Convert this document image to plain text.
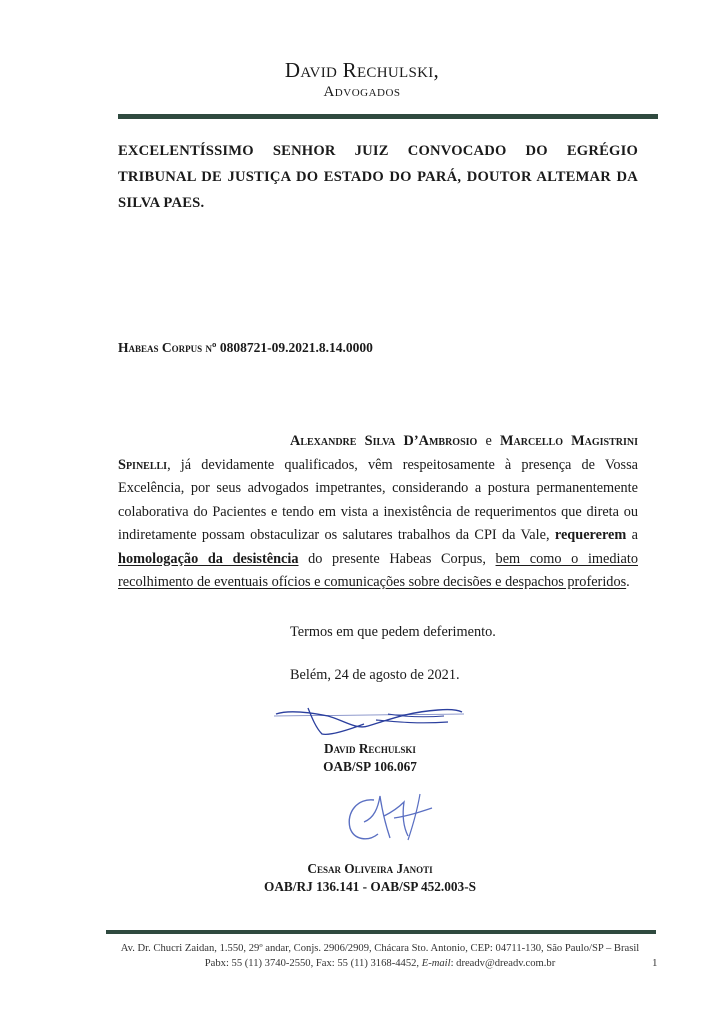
David Rechulski,
Advogados
EXCELENTÍSSIMO SENHOR JUIZ CONVOCADO DO EGRÉGIO TRIBUNAL DE JUSTIÇA DO ESTADO DO PARÁ, DOUTOR ALTEMAR DA SILVA PAES.
Habeas Corpus nº 0808721-09.2021.8.14.0000

Alexandre Silva D’Ambrosio e Marcello Magistrini Spinelli, já devidamente qualificados, vêm respeitosamente à presença de Vossa Excelência, por seus advogados impetrantes, considerando a postura permanentemente colaborativa do Pacientes e tendo em vista a inexistência de requerimentos que direta ou indiretamente possam obstaculizar os salutares trabalhos da CPI da Vale, requererem a homologação da desistência do presente Habeas Corpus, bem como o imediato recolhimento de eventuais ofícios e comunicações sobre decisões e despachos proferidos.

Termos em que pedem deferimento.
Belém, 24 de agosto de 2021.
David Rechulski
OAB/SP 106.067
Cesar Oliveira Janoti
OAB/RJ 136.141 - OAB/SP 452.003-S
Av. Dr. Chucri Zaidan, 1.550, 29º andar, Conjs. 2906/2909, Chácara Sto. Antonio, CEP: 04711-130, São Paulo/SP – Brasil
Pabx: 55 (11) 3740-2550, Fax: 55 (11) 3168-4452, E-mail: dreadv@dreadv.com.br	1
